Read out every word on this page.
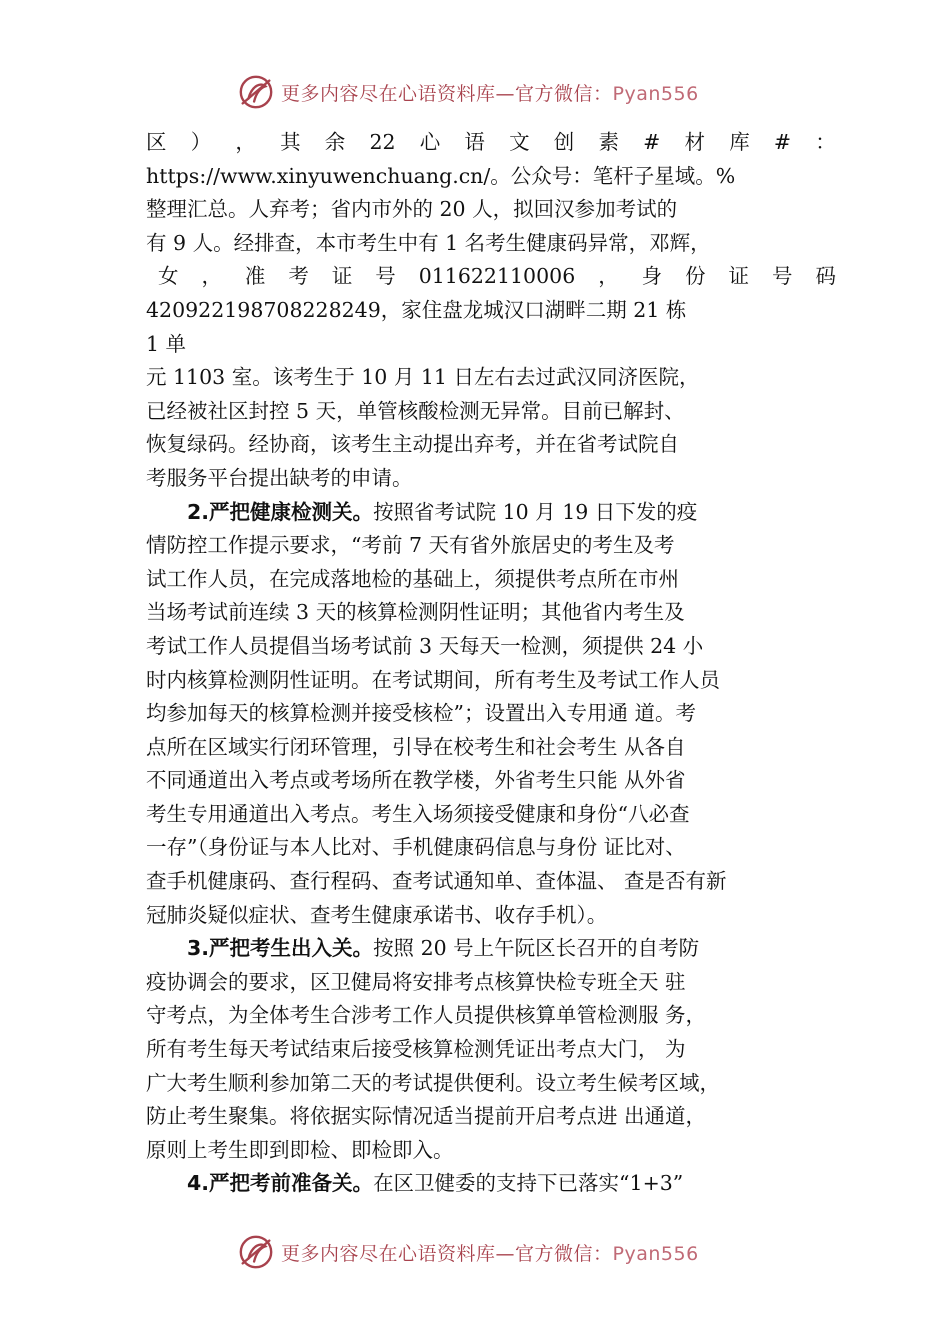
更多内容尽在心语资料库—官方微信：Pyan556
区 ） ， 其 余 22 心 语 文 创 素 # 材 库 # ：
https://www.xinyuwenchuang.cn/。公众号：笔杆子星域。%
整理汇总。人弃考；省内市外的 20 人，拟回汉参加考试的
有 9 人。经排查，本市考生中有 1 名考生健康码异常，邓辉，
女 ， 准 考 证 号 011622110006 ， 身 份 证 号 码
420922198708228249，家住盘龙城汉口湖畔二期 21 栋
1 单
元 1103 室。该考生于 10 月 11 日左右去过武汉同济医院，
已经被社区封控 5 天，单管核酸检测无异常。目前已解封、
恢复绿码。经协商，该考生主动提出弃考，并在省考试院自
考服务平台提出缺考的申请。
2.严把健康检测关。按照省考试院 10 月 19 日下发的疫
情防控工作提示要求，“考前 7 天有省外旅居史的考生及考
试工作人员，在完成落地检的基础上，须提供考点所在市州
当场考试前连续 3 天的核算检测阴性证明；其他省内考生及
考试工作人员提倡当场考试前 3 天每天一检测，须提供 24 小
时内核算检测阴性证明。在考试期间，所有考生及考试工作人员
均参加每天的核算检测并接受核检”；设置出入专用通 道。考
点所在区域实行闭环管理，引导在校考生和社会考生 从各自
不同通道出入考点或考场所在教学楼，外省考生只能 从外省
考生专用通道出入考点。考生入场须接受健康和身份“八必查
一存”（身份证与本人比对、手机健康码信息与身份 证比对、
查手机健康码、查行程码、查考试通知单、查体温、 查是否有新
冠肺炎疑似症状、查考生健康承诺书、收存手机）。
3.严把考生出入关。按照 20 号上午阮区长召开的自考防
疫协调会的要求，区卫健局将安排考点核算快检专班全天 驻
守考点，为全体考生合涉考工作人员提供核算单管检测服 务，
所有考生每天考试结束后接受核算检测凭证出考点大门， 为
广大考生顺利参加第二天的考试提供便利。设立考生候考区域，
防止考生聚集。将依据实际情况适当提前开启考点进 出通道，
原则上考生即到即检、即检即入。
4.严把考前准备关。在区卫健委的支持下已落实“1+3”
更多内容尽在心语资料库—官方微信：Pyan556
